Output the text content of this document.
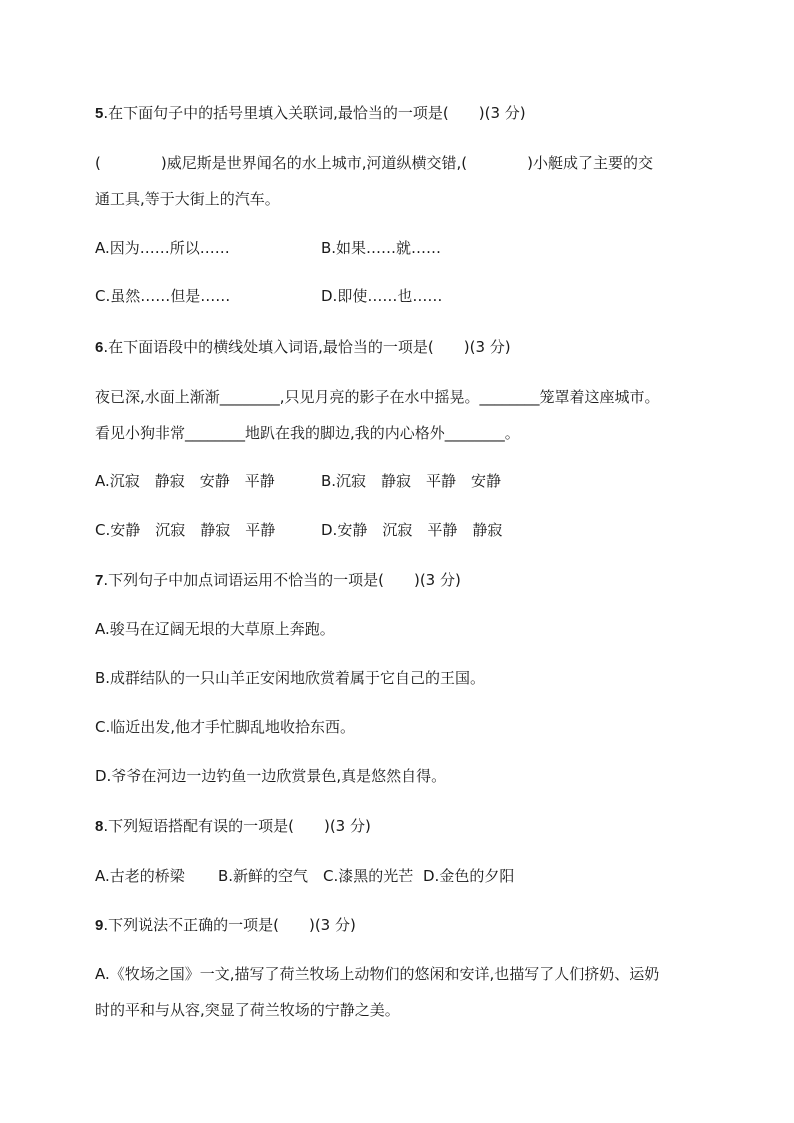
5.在下面句子中的括号里填入关联词,最恰当的一项是(　　)(3 分)
(　　　　)威尼斯是世界闻名的水上城市,河道纵横交错,(　　　　)小艇成了主要的交
通工具,等于大街上的汽车。
A.因为……所以……	B.如果……就……
C.虽然……但是……	D.即使……也……
6.在下面语段中的横线处填入词语,最恰当的一项是(　　)(3 分)
夜已深,水面上渐渐________,只见月亮的影子在水中摇晃。________笼罩着这座城市。
看见小狗非常________地趴在我的脚边,我的内心格外________。
A.沉寂　静寂　安静　平静	B.沉寂　静寂　平静　安静
C.安静　沉寂　静寂　平静	D.安静　沉寂　平静　静寂
7.下列句子中加点词语运用不恰当的一项是(　　)(3 分)
A.骏马在辽阔无垠的大草原上奔跑。
B.成群结队的一只山羊正安闲地欣赏着属于它自己的王国。
C.临近出发,他才手忙脚乱地收拾东西。
D.爷爷在河边一边钓鱼一边欣赏景色,真是悠然自得。
8.下列短语搭配有误的一项是(　　)(3 分)
A.古老的桥梁 B.新鲜的空气 C.漆黑的光芒 D.金色的夕阳
9.下列说法不正确的一项是(　　)(3 分)
A.《牧场之国》一文,描写了荷兰牧场上动物们的悠闲和安详,也描写了人们挤奶、运奶
时的平和与从容,突显了荷兰牧场的宁静之美。
